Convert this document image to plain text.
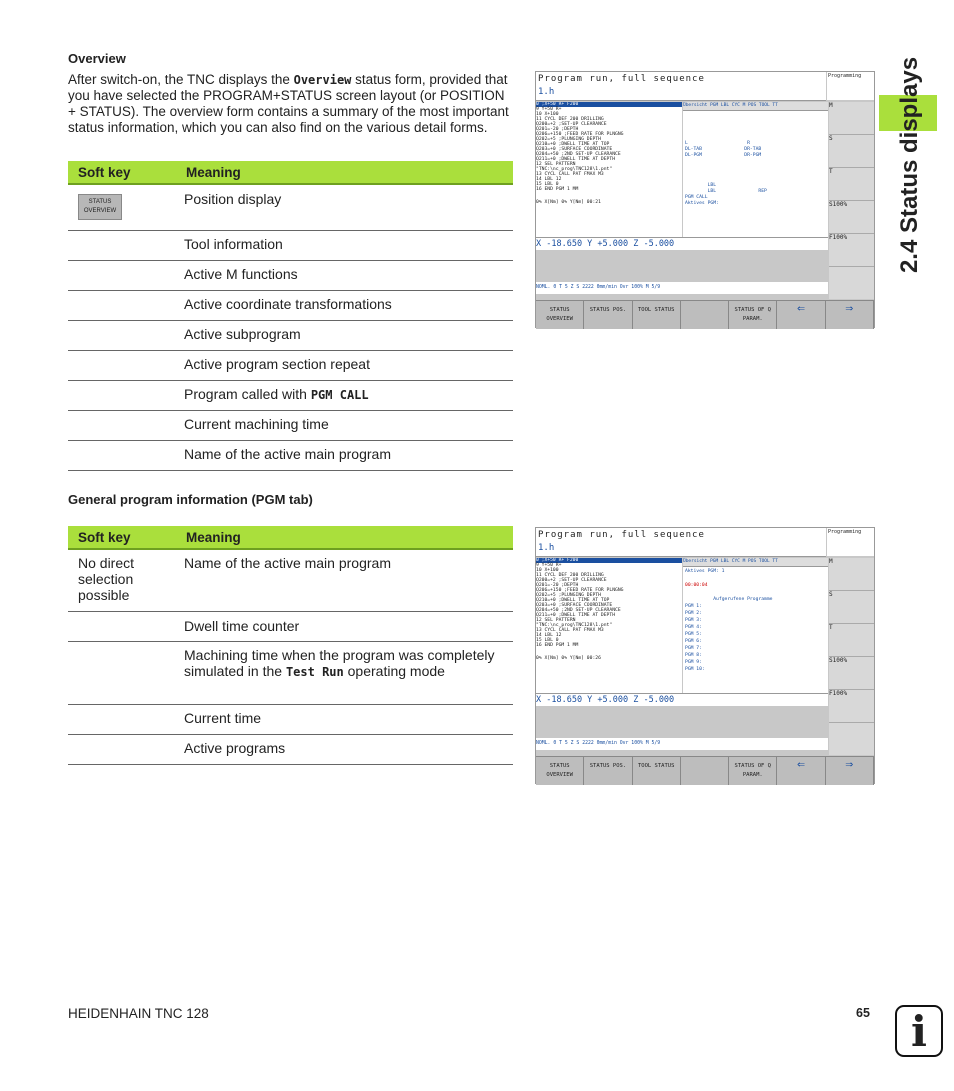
2.4 Status displays
Overview
After switch-on, the TNC displays the Overview status form, provided that you have selected the PROGRAM+STATUS screen layout (or POSITION + STATUS). The overview form contains a summary of the most important status information, which you can also find on the various detail forms.
Soft key	Meaning
STATUS
OVERVIEW	Position display
	Tool information
	Active M functions
	Active coordinate transformations
	Active subprogram
	Active program section repeat
	Program called with PGM CALL
	Current machining time
	Name of the active main program
General program information (PGM tab)
Soft key	Meaning
No direct selection possible	Name of the active main program
	Dwell time counter
	Machining time when the program was completely simulated in the Test Run operating mode
	Current time
	Active programs
Program run, full sequence
1.h
Programming
0 ;X+50 R+ F200
9 Y+50 R+
10 X+100
11 CYCL DEF 200 DRILLING
Q200=+2 ;SET-UP CLEARANCE
Q201=-20 ;DEPTH
Q206=+150 ;FEED RATE FOR PLNGNG
Q202=+5 ;PLUNGING DEPTH
Q210=+0 ;DWELL TIME AT TOP
Q203=+0 ;SURFACE COORDINATE
Q204=+50 ;2ND SET-UP CLEARANCE
Q211=+0 ;DWELL TIME AT DEPTH
12 SEL PATTERN
"TNC:\nc_prog\TNC128\1.pnt"
13 CYCL CALL PAT FMAX M3
14 LBL 12
15 LBL 0
16 END PGM 1 MM
0% X[Nm] 0% Y[Nm] 00:21
Übersicht PGM LBL CYC M POS TOOL TT
L	R
DL-TAB	DR-TAB
DL-PGM	DR-PGM

LBL
LBL	REP
PGM CALL
Aktives PGM:
M
S
T
S100%
F100%
X -18.650 Y +5.000 Z -5.000
NOML. 0 T 5 Z S 2222 0mm/min Ovr 100% M 5/9
STATUS OVERVIEW
STATUS POS.	TOOL STATUS	STATUS OF Q PARAM.
⇐	⇒
Program run, full sequence
1.h
Programming
0 ;X+50 R+ F200
9 Y+50 R+
10 X+100
11 CYCL DEF 200 DRILLING
Q200=+2 ;SET-UP CLEARANCE
Q201=-20 ;DEPTH
Q206=+150 ;FEED RATE FOR PLNGNG
Q202=+5 ;PLUNGING DEPTH
Q210=+0 ;DWELL TIME AT TOP
Q203=+0 ;SURFACE COORDINATE
Q204=+50 ;2ND SET-UP CLEARANCE
Q211=+0 ;DWELL TIME AT DEPTH
12 SEL PATTERN
"TNC:\nc_prog\TNC128\1.pnt"
13 CYCL CALL PAT FMAX M3
14 LBL 12
15 LBL 0
16 END PGM 1 MM
0% X[Nm] 0% Y[Nm] 00:26
Übersicht PGM LBL CYC M POS TOOL TT
Aktives PGM: 1

00:00:04

Aufgerufene Programme
PGM 1:
PGM 2:
PGM 3:
PGM 4:
PGM 5:
PGM 6:
PGM 7:
PGM 8:
PGM 9:
PGM 10:
M
S
T
S100%
F100%
X -18.650 Y +5.000 Z -5.000
NOML. 0 T 5 Z S 2222 0mm/min Ovr 100% M 5/9
STATUS OVERVIEW
STATUS POS.	TOOL STATUS	STATUS OF Q PARAM.
⇐	⇒
HEIDENHAIN TNC 128	65 i
